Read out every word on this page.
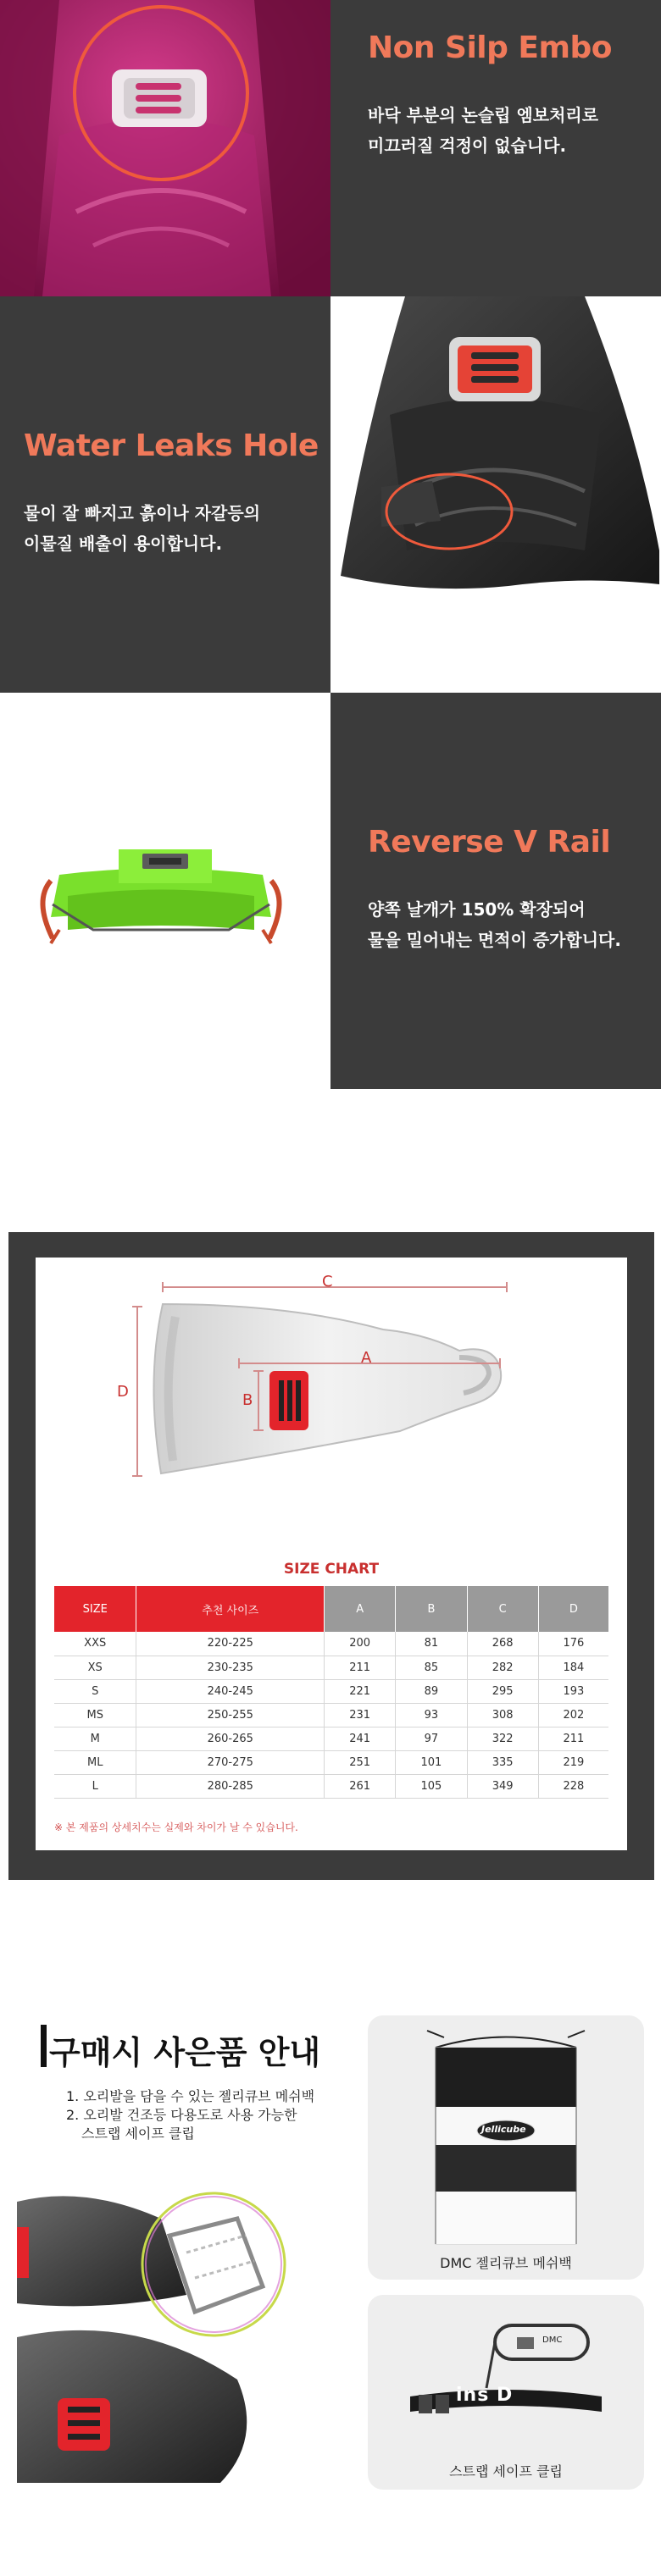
Non Silp Embo
바닥 부분의 논슬립 엠보처리로
미끄러질 걱정이 없습니다.
Water Leaks Hole
물이 잘 빠지고 흙이나 자갈등의
이물질 배출이 용이합니다.
Reverse V Rail
양쪽 날개가 150% 확장되어
물을 밀어내는 면적이 증가합니다.
C
A
B
D
SIZE CHART
SIZE	추천 사이즈	A	B	C	D
XXS	220-225	200	81	268	176
XS	230-235	211	85	282	184
S	240-245	221	89	295	193
MS	250-255	231	93	308	202
M	260-265	241	97	322	211
ML	270-275	251	101	335	219
L	280-285	261	105	349	228
※ 본 제품의 상세치수는 실제와 차이가 날 수 있습니다.
구매시 사은품 안내
1. 오리발을 담을 수 있는 젤리큐브 메쉬백
2. 오리발 건조등 다용도로 사용 가능한
스트랩 세이프 클립	Jellicube
DMC 젤리큐브 메쉬백
DMC
ins D
스트랩 세이프 클립
